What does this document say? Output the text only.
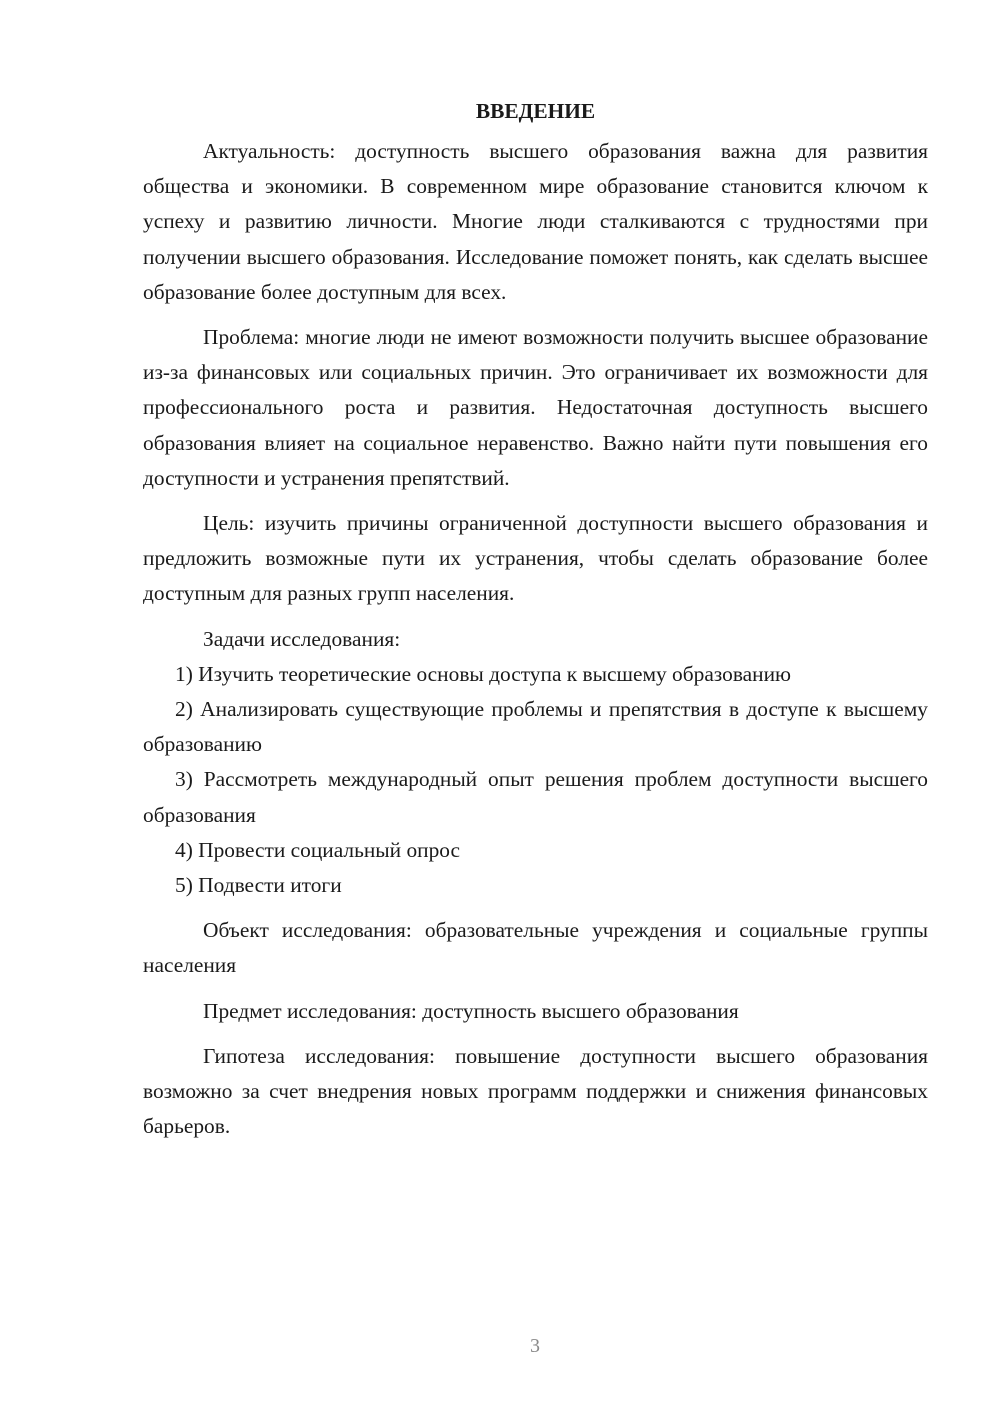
ВВЕДЕНИЕ

Актуальность: доступность высшего образования важна для развития общества и экономики. В современном мире образование становится ключом к успеху и развитию личности. Многие люди сталкиваются с трудностями при получении высшего образования. Исследование поможет понять, как сделать высшее образование более доступным для всех.

Проблема: многие люди не имеют возможности получить высшее образование из-за финансовых или социальных причин. Это ограничивает их возможности для профессионального роста и развития. Недостаточная доступность высшего образования влияет на социальное неравенство. Важно найти пути повышения его доступности и устранения препятствий.

Цель: изучить причины ограниченной доступности высшего образования и предложить возможные пути их устранения, чтобы сделать образование более доступным для разных групп населения.

Задачи исследования:

1) Изучить теоретические основы доступа к высшему образованию

2) Анализировать существующие проблемы и препятствия в доступе к высшему образованию

3) Рассмотреть международный опыт решения проблем доступности высшего образования

4) Провести социальный опрос

5) Подвести итоги

Объект исследования: образовательные учреждения и социальные группы населения

Предмет исследования: доступность высшего образования

Гипотеза исследования: повышение доступности высшего образования возможно за счет внедрения новых программ поддержки и снижения финансовых барьеров.

3
